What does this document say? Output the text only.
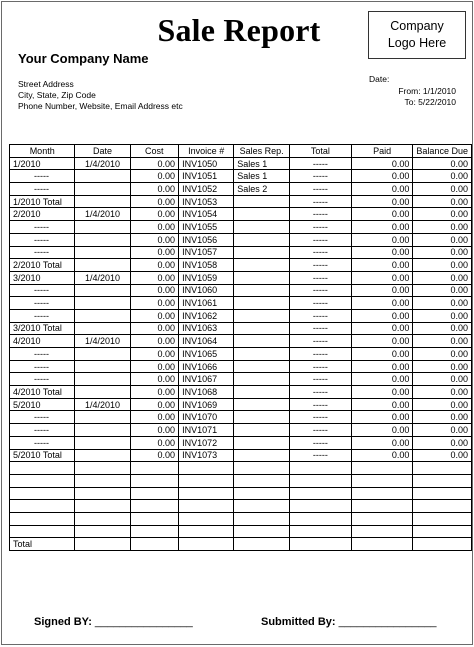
Sale Report	Company
Logo Here
Your Company Name
Street Address
City, State, Zip Code
Phone Number, Website, Email Address etc
Date:
From: 1/1/2010
To: 5/22/2010
Month	Date	Cost	Invoice #	Sales Rep.	Total	Paid	Balance Due
1/2010	1/4/2010	0.00	INV1050	Sales 1	-----	0.00	0.00
-----		0.00	INV1051	Sales 1	-----	0.00	0.00
-----		0.00	INV1052	Sales 2	-----	0.00	0.00
1/2010 Total		0.00	INV1053		-----	0.00	0.00
2/2010	1/4/2010	0.00	INV1054		-----	0.00	0.00
-----		0.00	INV1055		-----	0.00	0.00
-----		0.00	INV1056		-----	0.00	0.00
-----		0.00	INV1057		-----	0.00	0.00
2/2010 Total		0.00	INV1058		-----	0.00	0.00
3/2010	1/4/2010	0.00	INV1059		-----	0.00	0.00
-----		0.00	INV1060		-----	0.00	0.00
-----		0.00	INV1061		-----	0.00	0.00
-----		0.00	INV1062		-----	0.00	0.00
3/2010 Total		0.00	INV1063		-----	0.00	0.00
4/2010	1/4/2010	0.00	INV1064		-----	0.00	0.00
-----		0.00	INV1065		-----	0.00	0.00
-----		0.00	INV1066		-----	0.00	0.00
-----		0.00	INV1067		-----	0.00	0.00
4/2010 Total		0.00	INV1068		-----	0.00	0.00
5/2010	1/4/2010	0.00	INV1069		-----	0.00	0.00
-----		0.00	INV1070		-----	0.00	0.00
-----		0.00	INV1071		-----	0.00	0.00
-----		0.00	INV1072		-----	0.00	0.00
5/2010 Total		0.00	INV1073		-----	0.00	0.00

Total							
Signed BY: ________________	Submitted By: ________________
